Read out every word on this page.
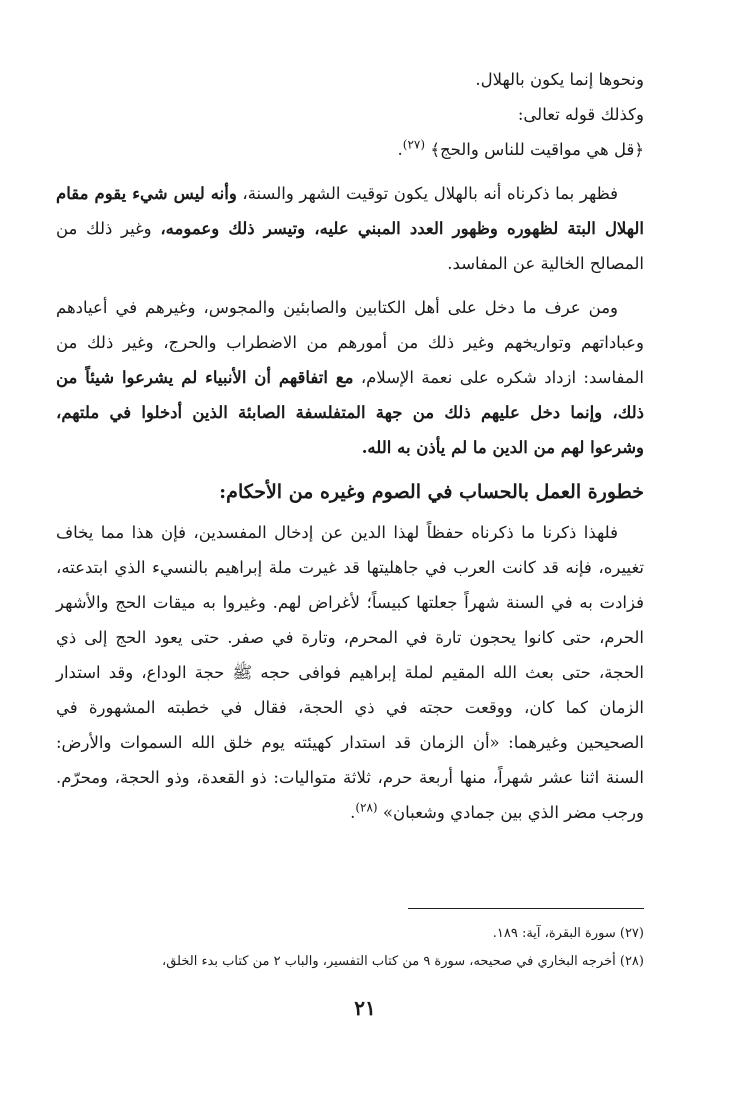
ونحوها إنما يكون بالهلال.

وكذلك قوله تعالى:

﴿قل هي مواقيت للناس والحج﴾ $^{(٢٧)}$.

فظهر بما ذكرناه أنه بالهلال يكون توقيت الشهر والسنة، وأنه ليس شيء يقوم مقام الهلال البتة لظهوره وظهور العدد المبني عليه، وتيسر ذلك وعمومه، وغير ذلك من المصالح الخالية عن المفاسد.

ومن عرف ما دخل على أهل الكتابين والصابئين والمجوس، وغيرهم في أعيادهم وعباداتهم وتواريخهم وغير ذلك من أمورهم من الاضطراب والحرج، وغير ذلك من المفاسد: ازداد شكره على نعمة الإسلام، مع اتفاقهم أن الأنبياء لم يشرعوا شيئاً من ذلك، وإنما دخل عليهم ذلك من جهة المتفلسفة الصابئة الذين أدخلوا في ملتهم، وشرعوا لهم من الدين ما لم يأذن به الله.

خطورة العمل بالحساب في الصوم وغيره من الأحكام:

فلهذا ذكرنا ما ذكرناه حفظاً لهذا الدين عن إدخال المفسدين، فإن هذا مما يخاف تغييره، فإنه قد كانت العرب في جاهليتها قد غيرت ملة إبراهيم بالنسيء الذي ابتدعته، فزادت به في السنة شهراً جعلتها كبيساً؛ لأغراض لهم. وغيروا به ميقات الحج والأشهر الحرم، حتى كانوا يحجون تارة في المحرم، وتارة في صفر. حتى يعود الحج إلى ذي الحجة، حتى بعث الله المقيم لملة إبراهيم فوافى حجه ﷺ حجة الوداع، وقد استدار الزمان كما كان، ووقعت حجته في ذي الحجة، فقال في خطبته المشهورة في الصحيحين وغيرهما: «أن الزمان قد استدار كهيئته يوم خلق الله السموات والأرض: السنة اثنا عشر شهراً، منها أربعة حرم، ثلاثة متواليات: ذو القعدة، وذو الحجة، ومحرّم. ورجب مضر الذي بين جمادي وشعبان» $^{(٢٨)}$.

(٢٧) سورة البقرة، آية: ١٨٩.

(٢٨) أخرجه البخاري في صحيحه، سورة ٩ من كتاب التفسير، والباب ٢ من كتاب بدء الخلق،

٢١
